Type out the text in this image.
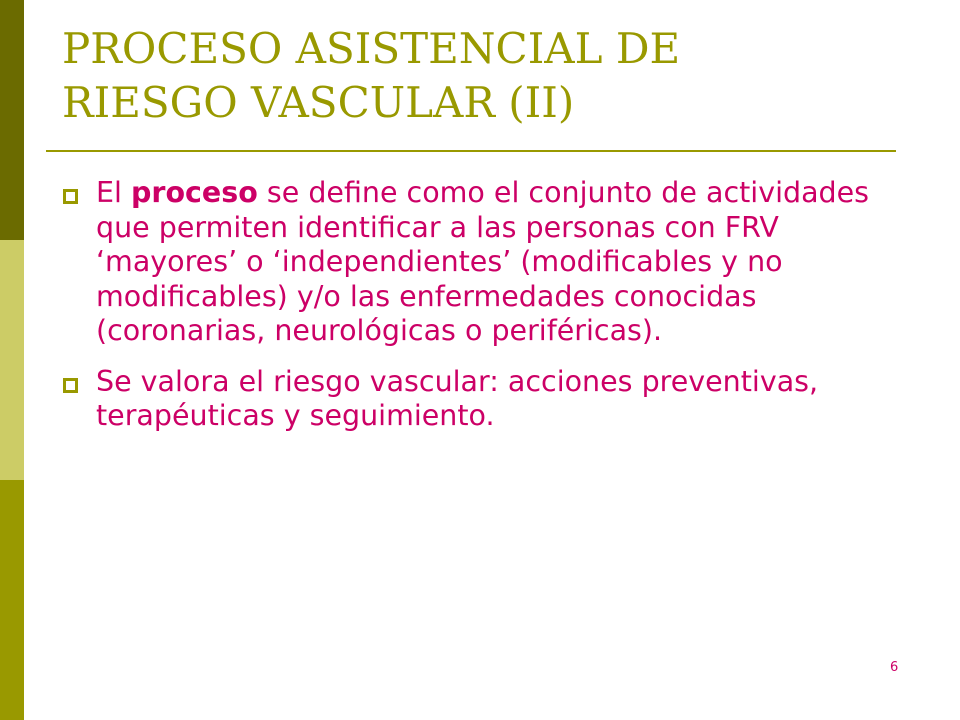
PROCESO ASISTENCIAL DE
RIESGO VASCULAR (II)
El proceso se define como el conjunto de actividades que permiten identificar a las personas con FRV ‘mayores’ o ‘independientes’ (modificables y no modificables) y/o las enfermedades conocidas (coronarias, neurológicas o periféricas).
Se valora el riesgo vascular: acciones preventivas, terapéuticas y seguimiento.
6
